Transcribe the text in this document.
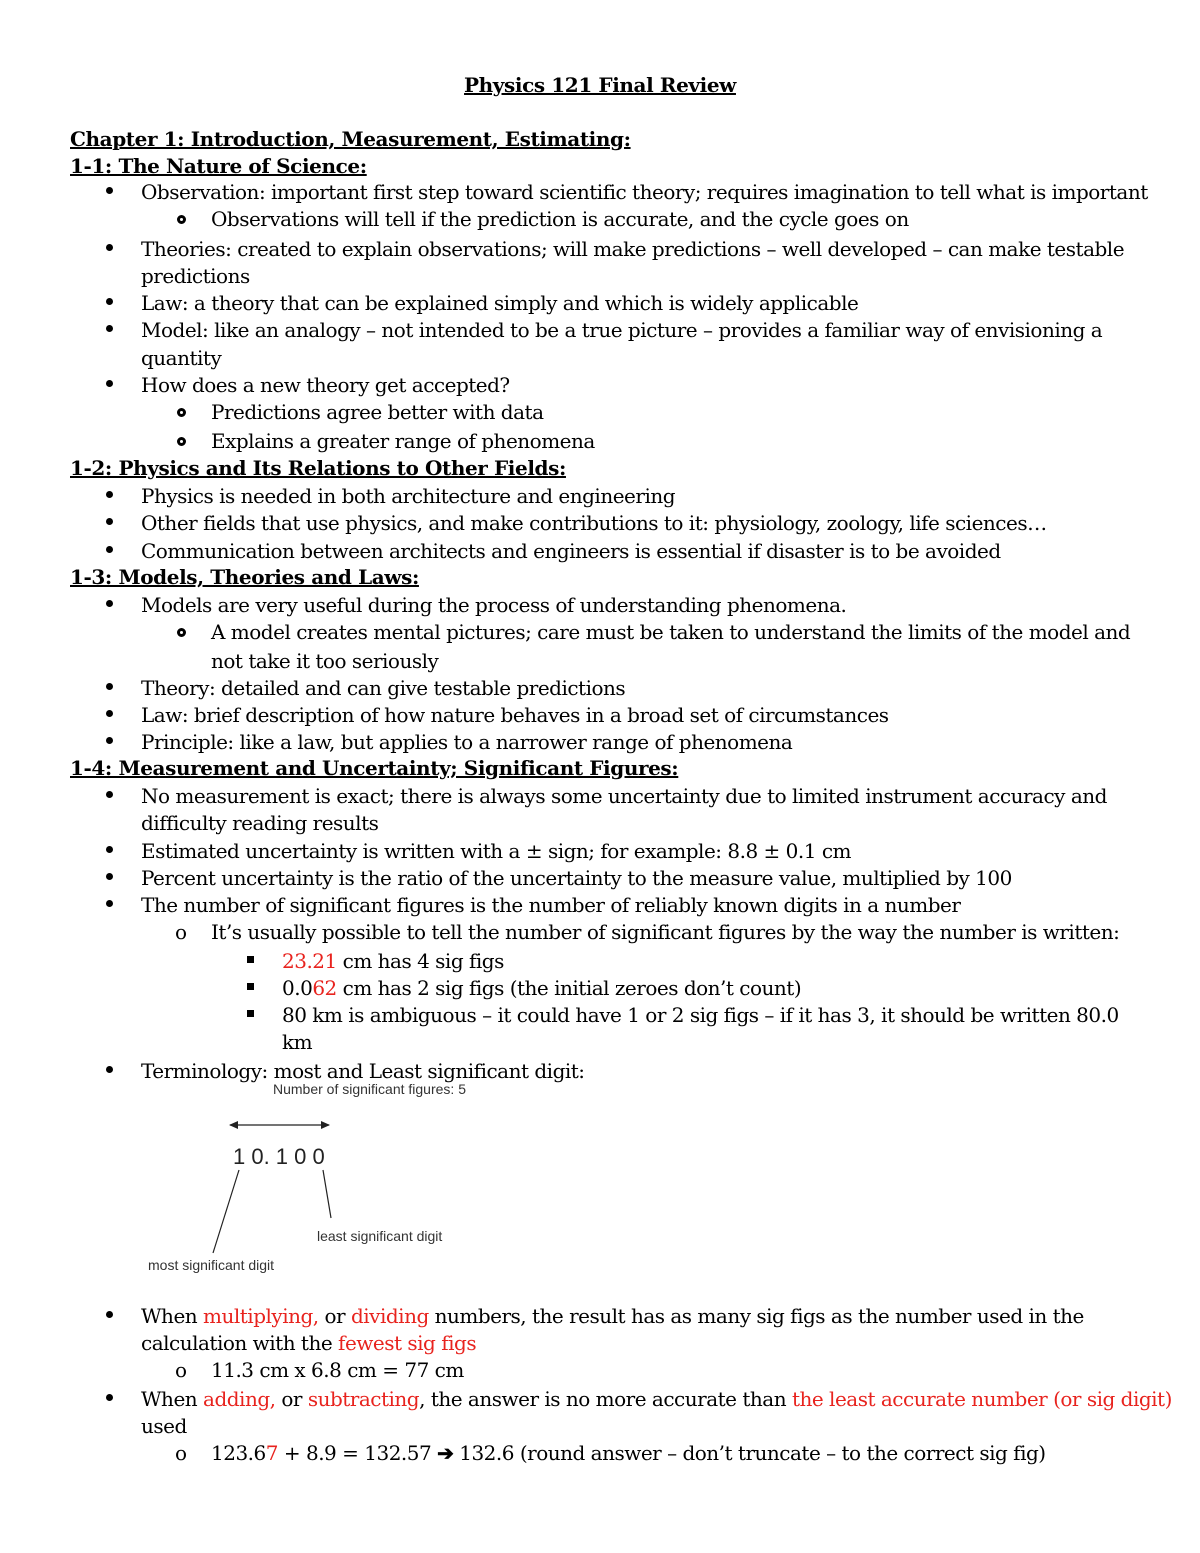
Physics 121 Final Review
Chapter 1: Introduction, Measurement, Estimating:
1-1: The Nature of Science:
Observation: important first step toward scientific theory; requires imagination to tell what is important
Observations will tell if the prediction is accurate, and the cycle goes on
Theories: created to explain observations; will make predictions – well developed – can make testable
predictions
Law: a theory that can be explained simply and which is widely applicable
Model: like an analogy – not intended to be a true picture – provides a familiar way of envisioning a
quantity
How does a new theory get accepted?
Predictions agree better with data
Explains a greater range of phenomena
1-2: Physics and Its Relations to Other Fields:
Physics is needed in both architecture and engineering
Other fields that use physics, and make contributions to it: physiology, zoology, life sciences…
Communication between architects and engineers is essential if disaster is to be avoided
1-3: Models, Theories and Laws:
Models are very useful during the process of understanding phenomena.
A model creates mental pictures; care must be taken to understand the limits of the model and
not take it too seriously
Theory: detailed and can give testable predictions
Law: brief description of how nature behaves in a broad set of circumstances
Principle: like a law, but applies to a narrower range of phenomena
1-4: Measurement and Uncertainty; Significant Figures:
No measurement is exact; there is always some uncertainty due to limited instrument accuracy and
difficulty reading results
Estimated uncertainty is written with a ± sign; for example: 8.8 ± 0.1 cm
Percent uncertainty is the ratio of the uncertainty to the measure value, multiplied by 100
The number of significant figures is the number of reliably known digits in a number
o It’s usually possible to tell the number of significant figures by the way the number is written:
23.21 cm has 4 sig figs
0.062 cm has 2 sig figs (the initial zeroes don’t count)
80 km is ambiguous – it could have 1 or 2 sig figs – if it has 3, it should be written 80.0
km
Terminology: most and Least significant digit:
Number of significant figures: 5
1 0. 1 0 0
least significant digit
most significant digit
When multiplying, or dividing numbers, the result has as many sig figs as the number used in the
calculation with the fewest sig figs
o 11.3 cm x 6.8 cm = 77 cm
When adding, or subtracting, the answer is no more accurate than the least accurate number (or sig digit)
used
o 123.67 + 8.9 = 132.57 ➔ 132.6 (round answer – don’t truncate – to the correct sig fig)
